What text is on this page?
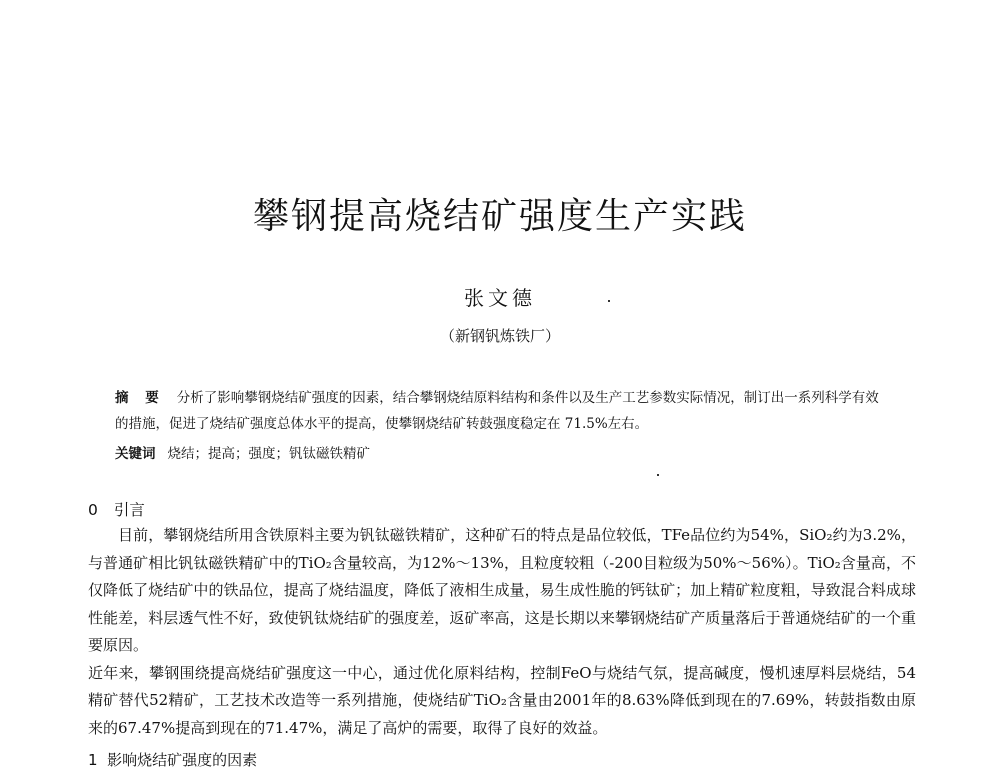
攀钢提高烧结矿强度生产实践
张文德
（新钢钒炼铁厂）
摘 要 分析了影响攀钢烧结矿强度的因素，结合攀钢烧结原料结构和条件以及生产工艺参数实际情况，制订出一系列科学有效的措施，促进了烧结矿强度总体水平的提高，使攀钢烧结矿转鼓强度稳定在 71.5%左右。
关键词 烧结；提高；强度；钒钛磁铁精矿
0 引言

目前，攀钢烧结所用含铁原料主要为钒钛磁铁精矿，这种矿石的特点是品位较低，TFe品位约为54%，SiO₂约为3.2%，与普通矿相比钒钛磁铁精矿中的TiO₂含量较高，为12%～13%，且粒度较粗（-200目粒级为50%～56%）。TiO₂含量高，不仅降低了烧结矿中的铁品位，提高了烧结温度，降低了液相生成量，易生成性脆的钙钛矿；加上精矿粒度粗，导致混合料成球性能差，料层透气性不好，致使钒钛烧结矿的强度差，返矿率高，这是长期以来攀钢烧结矿产质量落后于普通烧结矿的一个重要原因。

近年来，攀钢围绕提高烧结矿强度这一中心，通过优化原料结构，控制FeO与烧结气氛，提高碱度，慢机速厚料层烧结，54精矿替代52精矿，工艺技术改造等一系列措施，使烧结矿TiO₂含量由2001年的8.63%降低到现在的7.69%，转鼓指数由原来的67.47%提高到现在的71.47%，满足了高炉的需要，取得了良好的效益。

1 影响烧结矿强度的因素
